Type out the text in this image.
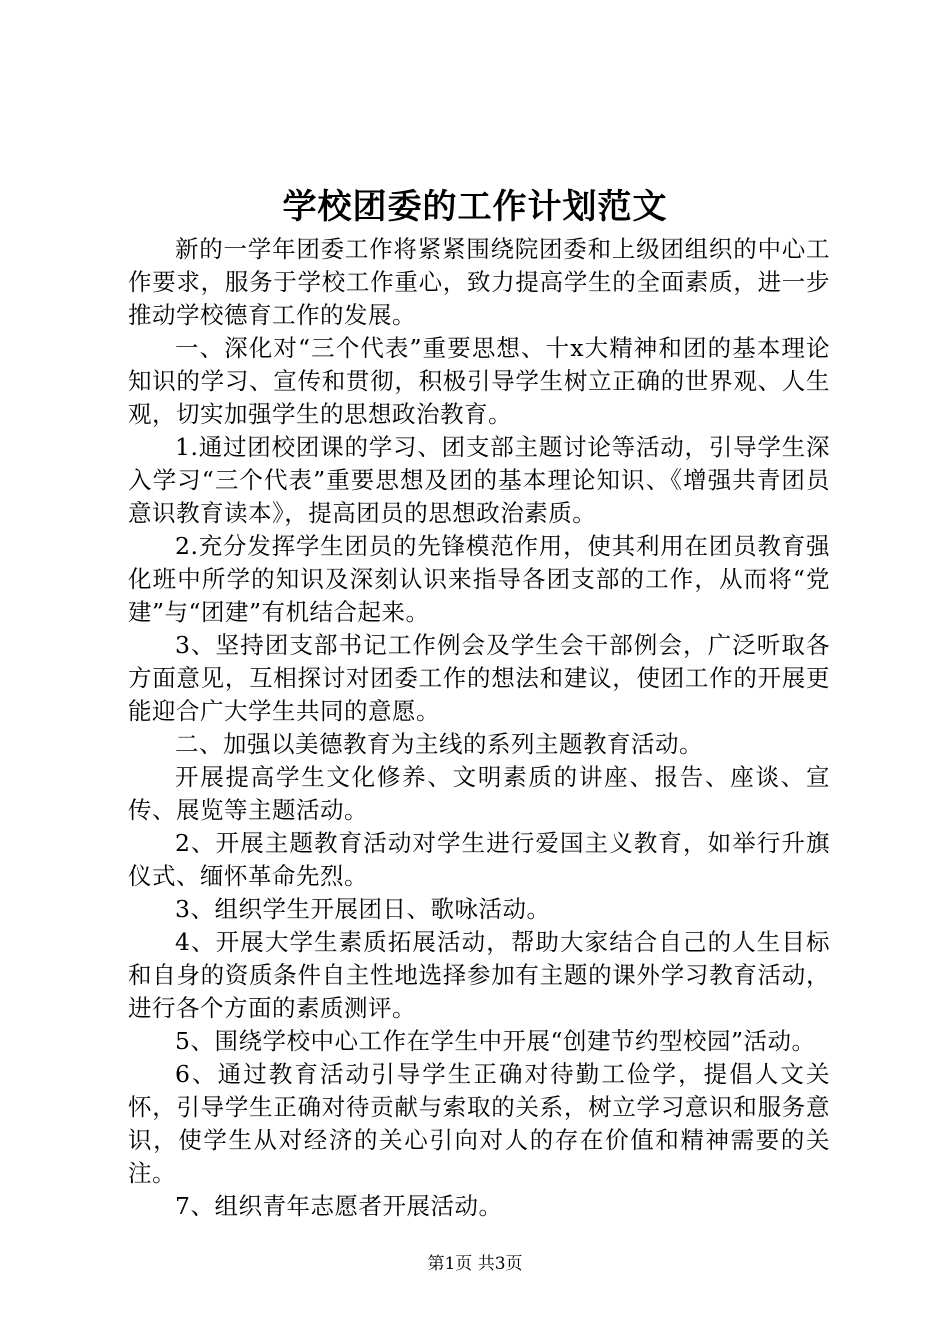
学校团委的工作计划范文

新的一学年团委工作将紧紧围绕院团委和上级团组织的中心工作要求，服务于学校工作重心，致力提高学生的全面素质，进一步推动学校德育工作的发展。

一、深化对“三个代表”重要思想、十x大精神和团的基本理论知识的学习、宣传和贯彻，积极引导学生树立正确的世界观、人生观，切实加强学生的思想政治教育。

1.通过团校团课的学习、团支部主题讨论等活动，引导学生深入学习“三个代表”重要思想及团的基本理论知识、《增强共青团员意识教育读本》，提高团员的思想政治素质。

2.充分发挥学生团员的先锋模范作用，使其利用在团员教育强化班中所学的知识及深刻认识来指导各团支部的工作，从而将“党建”与“团建”有机结合起来。

3、坚持团支部书记工作例会及学生会干部例会，广泛听取各方面意见，互相探讨对团委工作的想法和建议，使团工作的开展更能迎合广大学生共同的意愿。

二、加强以美德教育为主线的系列主题教育活动。

开展提高学生文化修养、文明素质的讲座、报告、座谈、宣传、展览等主题活动。

2、开展主题教育活动对学生进行爱国主义教育，如举行升旗仪式、缅怀革命先烈。

3、组织学生开展团日、歌咏活动。

4、开展大学生素质拓展活动，帮助大家结合自己的人生目标和自身的资质条件自主性地选择参加有主题的课外学习教育活动，进行各个方面的素质测评。

5、围绕学校中心工作在学生中开展“创建节约型校园”活动。

6、通过教育活动引导学生正确对待勤工俭学，提倡人文关怀，引导学生正确对待贡献与索取的关系，树立学习意识和服务意识，使学生从对经济的关心引向对人的存在价值和精神需要的关注。

7、组织青年志愿者开展活动。

第1页 共3页
